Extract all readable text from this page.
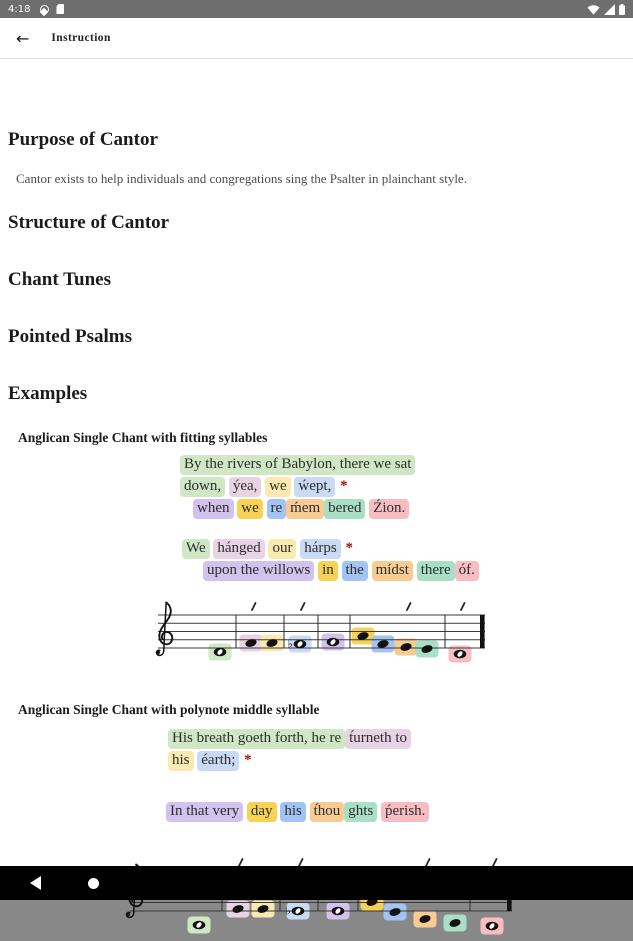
4:18
← Instruction
Purpose of Cantor

Cantor exists to help individuals and congregations sing the Psalter in plainchant style.

Structure of Cantor
Chant Tunes
Pointed Psalms
Examples
Anglican Single Chant with fitting syllables
By the rivers of Babylon, there we sat
down, ýea, we ẃept, *
when we re ḿem bered Źion.
We hánged our hárps *
upon the willows in the mídst there óf.
♭
Anglican Single Chant with polynote middle syllable
His breath goeth forth, he re t́urneth to
his éarth; *
In that very day his t́hou ghts ṕerish.
♭
